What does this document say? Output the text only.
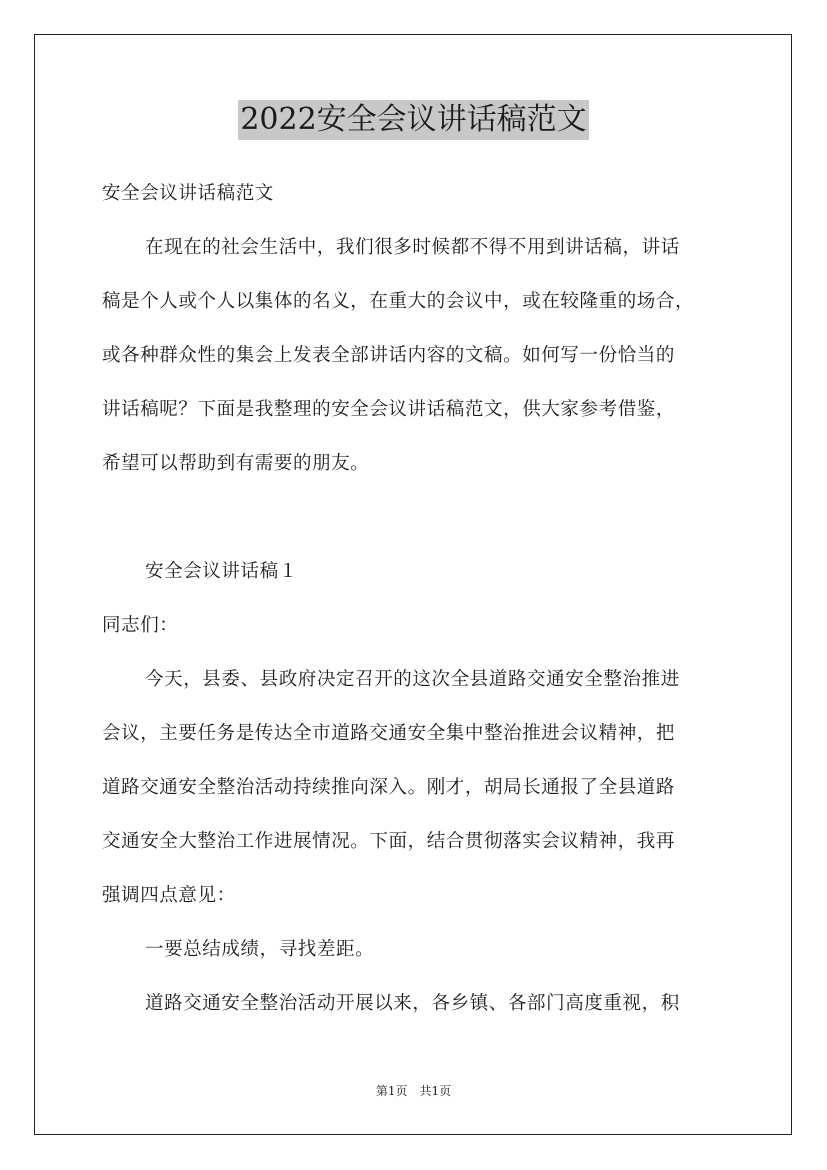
2022安全会议讲话稿范文
安全会议讲话稿范文
在现在的社会生活中，我们很多时候都不得不用到讲话稿，讲话
稿是个人或个人以集体的名义，在重大的会议中，或在较隆重的场合，
或各种群众性的集会上发表全部讲话内容的文稿。如何写一份恰当的
讲话稿呢？下面是我整理的安全会议讲话稿范文，供大家参考借鉴，
希望可以帮助到有需要的朋友。
安全会议讲话稿１
同志们：
今天，县委、县政府决定召开的这次全县道路交通安全整治推进
会议，主要任务是传达全市道路交通安全集中整治推进会议精神，把
道路交通安全整治活动持续推向深入。刚才，胡局长通报了全县道路
交通安全大整治工作进展情况。下面，结合贯彻落实会议精神，我再
强调四点意见：
一要总结成绩，寻找差距。
道路交通安全整治活动开展以来，各乡镇、各部门高度重视，积
第1页　共1页
